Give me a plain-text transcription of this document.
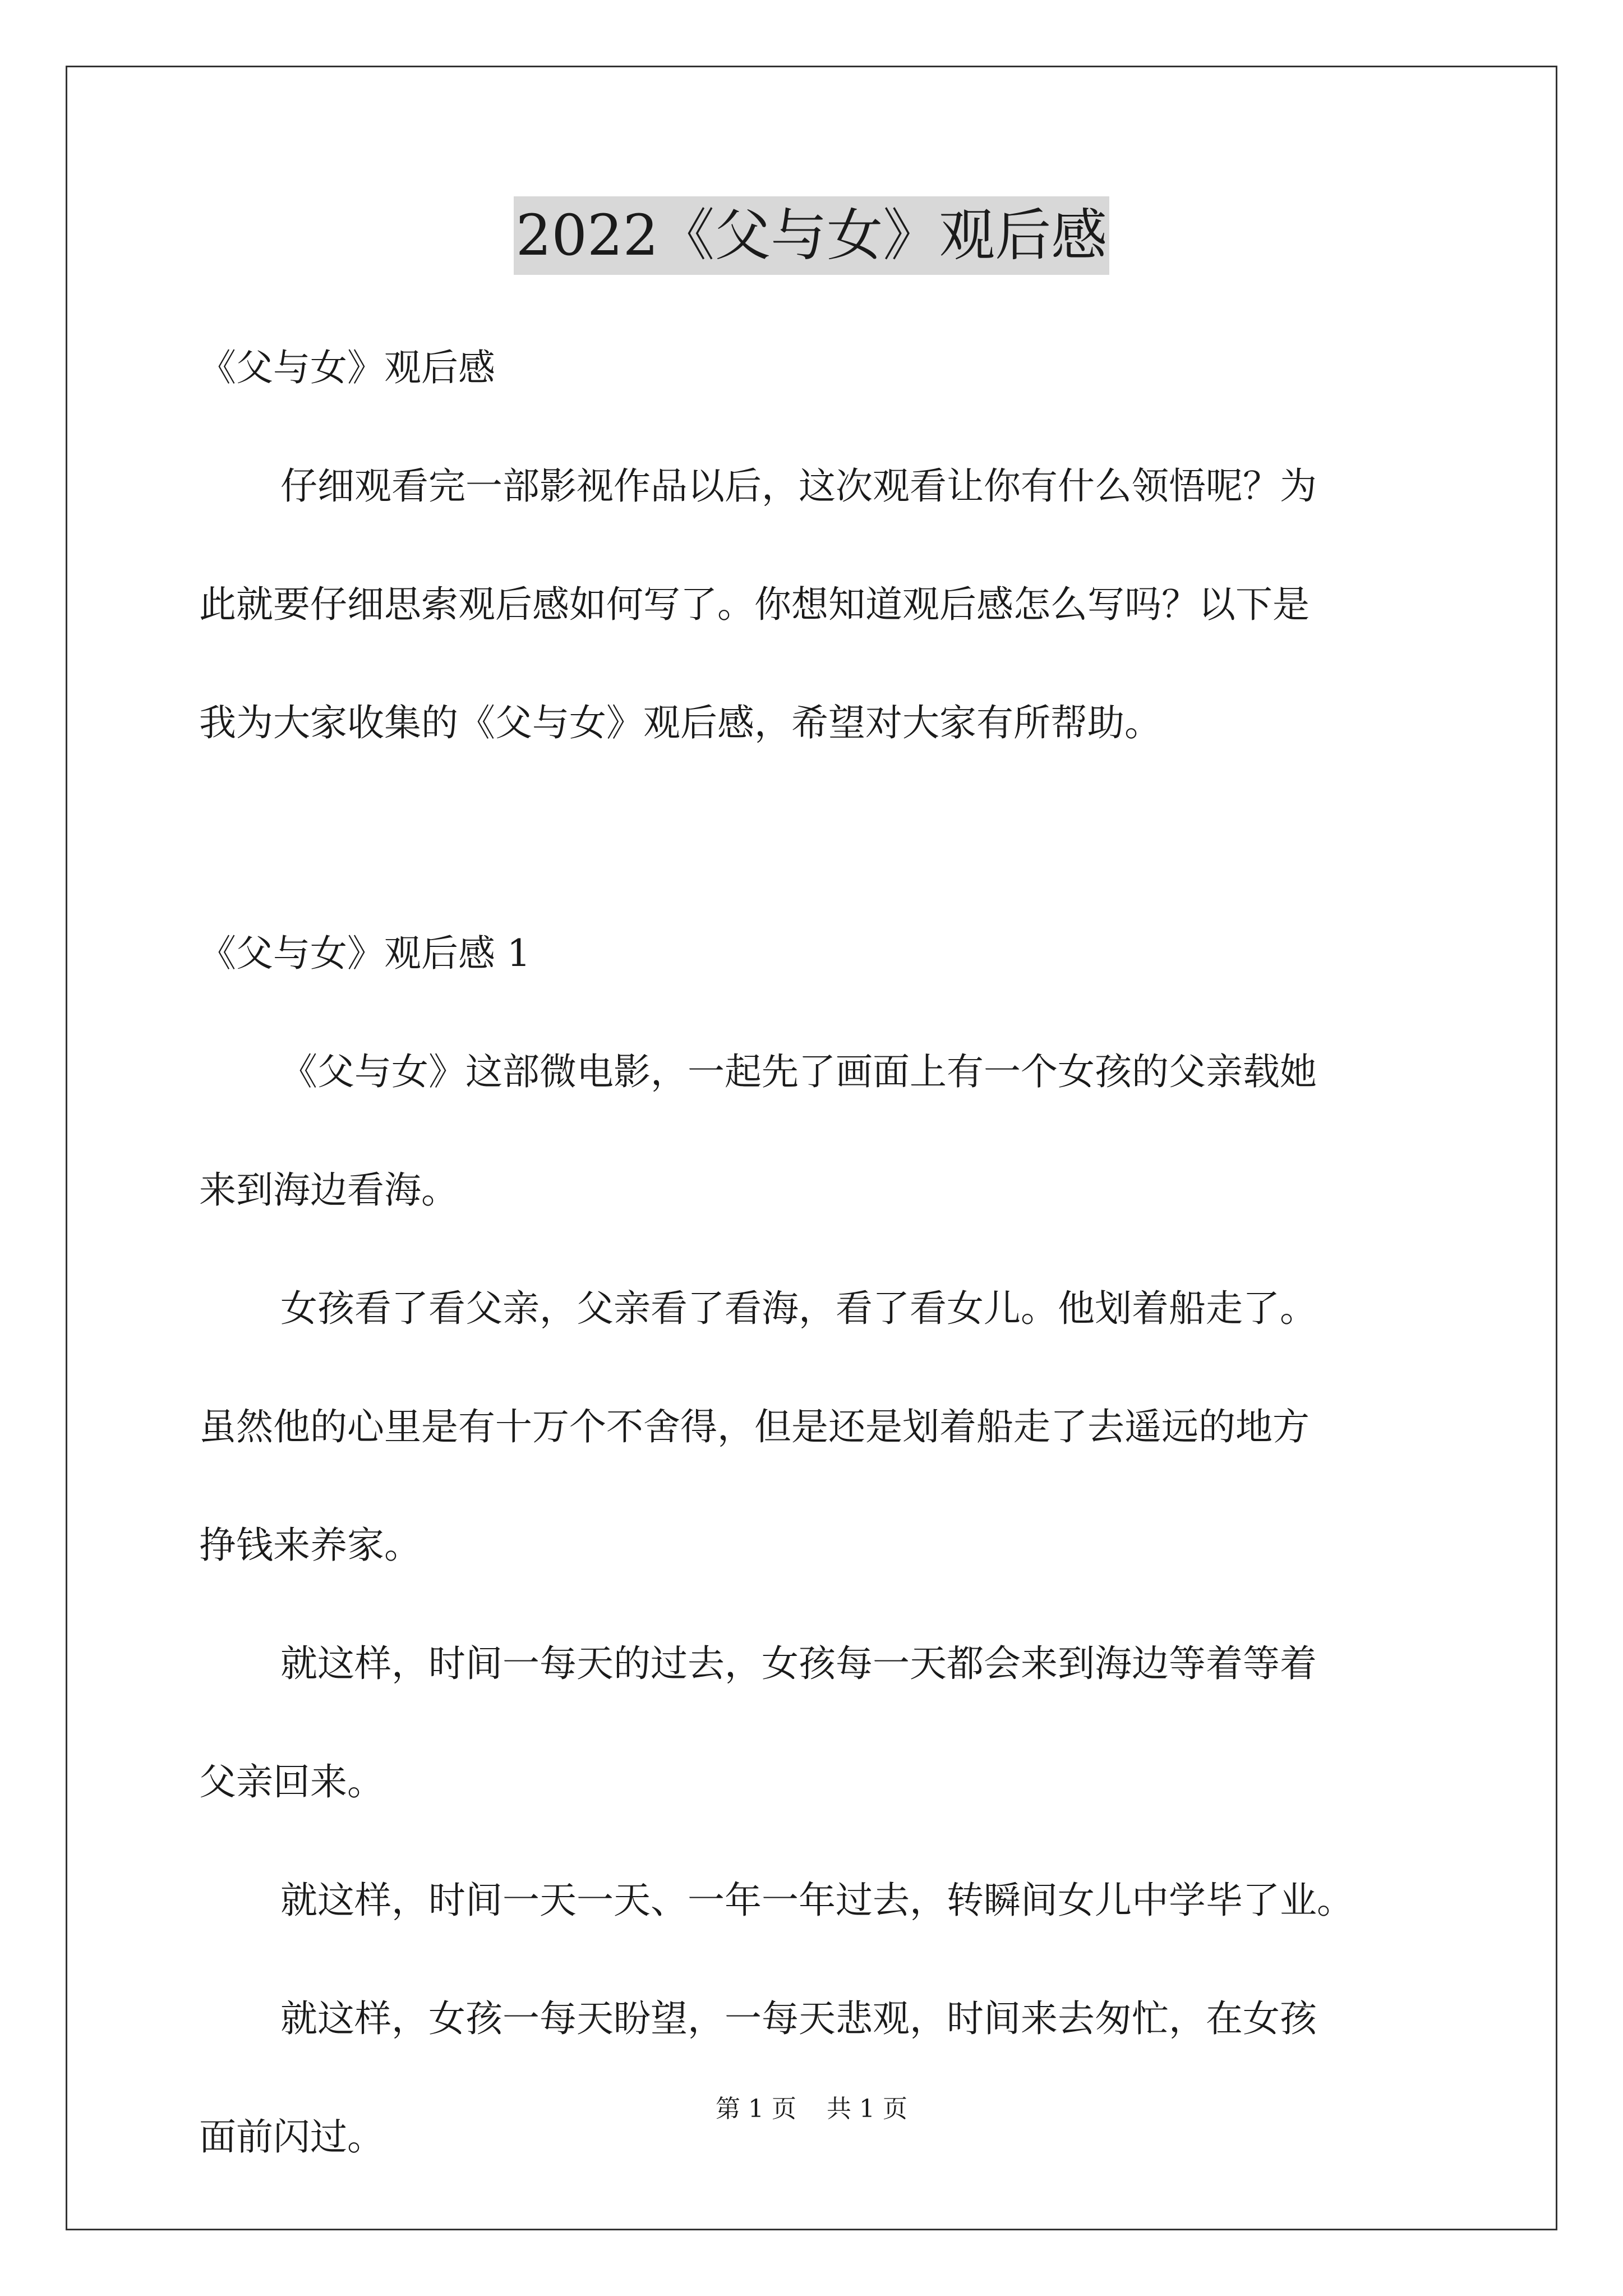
2022《父与女》观后感
《父与女》观后感
仔细观看完一部影视作品以后，这次观看让你有什么领悟呢？为
此就要仔细思索观后感如何写了。你想知道观后感怎么写吗？以下是
我为大家收集的《父与女》观后感，希望对大家有所帮助。
《父与女》观后感 1
《父与女》这部微电影，一起先了画面上有一个女孩的父亲载她
来到海边看海。
女孩看了看父亲，父亲看了看海，看了看女儿。他划着船走了。
虽然他的心里是有十万个不舍得，但是还是划着船走了去遥远的地方
挣钱来养家。
就这样，时间一每天的过去，女孩每一天都会来到海边等着等着
父亲回来。
就这样，时间一天一天、一年一年过去，转瞬间女儿中学毕了业。
就这样，女孩一每天盼望，一每天悲观，时间来去匆忙，在女孩
面前闪过。
第 1 页 共 1 页
